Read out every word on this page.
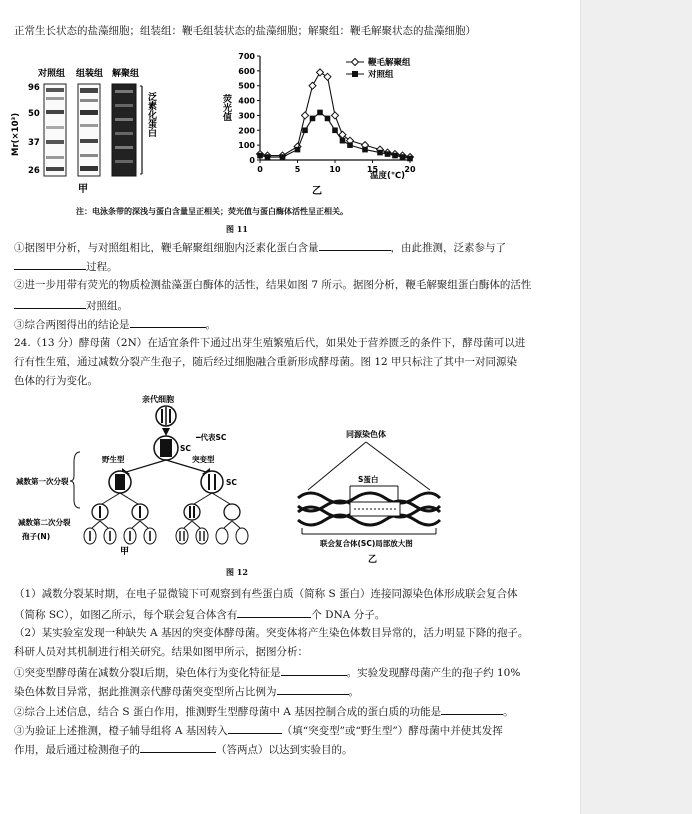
正常生长状态的盐藻细胞；组装组：鞭毛组装状态的盐藻细胞；解聚组：鞭毛解聚状态的盐藻细胞）
对照组 组装组 解聚组
96
50
37
26
Mr(×10³)	泛素化蛋白
甲
荧光值
温度(℃)
乙
0
100
200
300
400
500
600
700
0	5	10	15	20
鞭毛解聚组
对照组
注：电泳条带的深浅与蛋白含量呈正相关；荧光值与蛋白酶体活性呈正相关。
图 11
①据图甲分析，与对照组相比，鞭毛解聚组细胞内泛素化蛋白含量	，由此推测，泛素参与了
过程。
②进一步用带有荧光的物质检测盐藻蛋白酶体的活性，结果如图 7 所示。据图分析，鞭毛解聚组蛋白酶体的活性
对照组。
③综合两图得出的结论是	。
24.（13 分）酵母菌（2N）在适宜条件下通过出芽生殖繁殖后代，如果处于营养匮乏的条件下，酵母菌可以进
行有性生殖，通过减数分裂产生孢子，随后经过细胞融合重新形成酵母菌。图 12 甲只标注了其中一对同源染
色体的行为变化。
亲代细胞
SC
━代表SC
野生型	突变型
SC
减数第一次分裂
减数第二次分裂
孢子(N)
甲
同源染色体
S蛋白
联会复合体(SC)局部放大图
乙
图 12
（1）减数分裂某时期，在电子显微镜下可观察到有些蛋白质（简称 S 蛋白）连接同源染色体形成联会复合体
（简称 SC），如图乙所示，每个联会复合体含有	个 DNA 分子。
（2）某实验室发现一种缺失 A 基因的突变体酵母菌。突变体将产生染色体数目异常的，活力明显下降的孢子。
科研人员对其机制进行相关研究。结果如图甲所示，据图分析：
①突变型酵母菌在减数分裂Ⅰ后期，染色体行为变化特征是	。实验发现酵母菌产生的孢子约 10%
染色体数目异常，据此推测亲代酵母菌突变型所占比例为	。
②综合上述信息，结合 S 蛋白作用，推测野生型酵母菌中 A 基因控制合成的蛋白质的功能是	。
③为验证上述推测，橙子辅导组将 A 基因转入	（填“突变型”或“野生型”）酵母菌中并使其发挥
作用，最后通过检测孢子的	（答两点）以达到实验目的。
